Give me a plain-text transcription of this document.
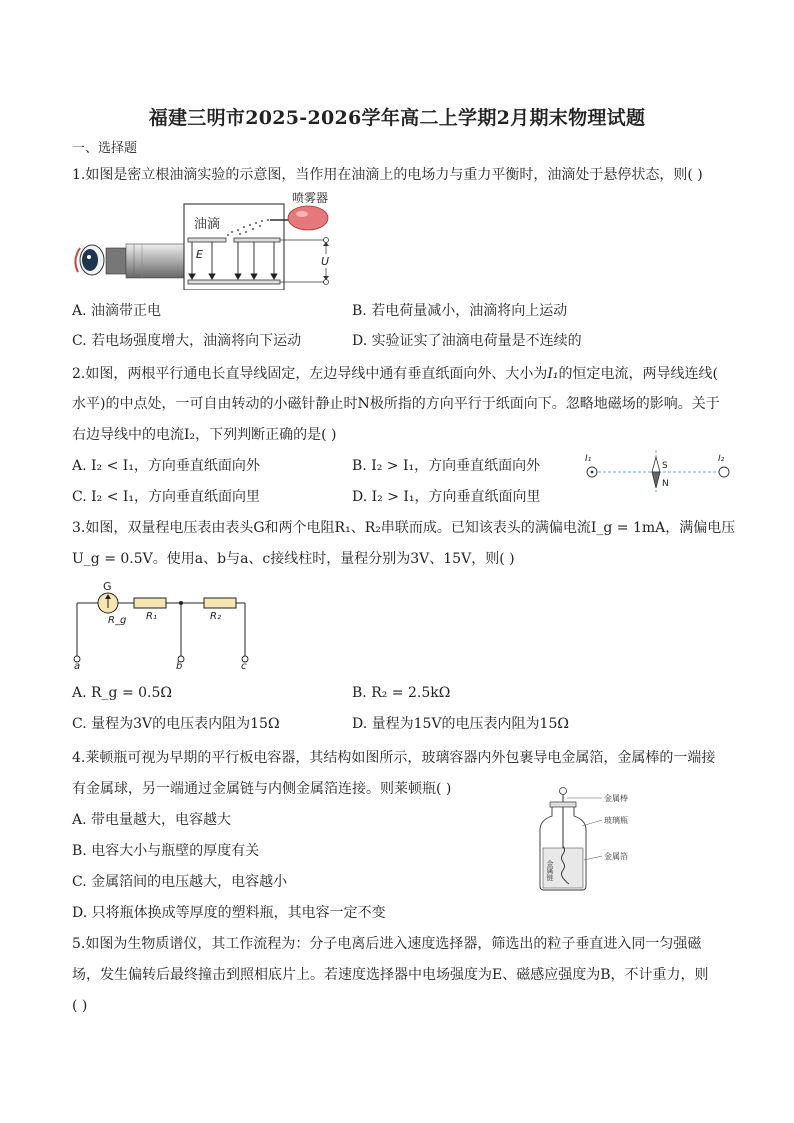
福建三明市2025-2026学年高二上学期2月期末物理试题
一、选择题
1.如图是密立根油滴实验的示意图，当作用在油滴上的电场力与重力平衡时，油滴处于悬停状态，则( )
E
油滴
喷雾器
U
A. 油滴带正电	B. 若电荷量减小，油滴将向上运动
C. 若电场强度增大，油滴将向下运动	D. 实验证实了油滴电荷量是不连续的
2.如图，两根平行通电长直导线固定，左边导线中通有垂直纸面向外、大小为I₁的恒定电流，两导线连线(
水平)的中点处，一可自由转动的小磁针静止时N极所指的方向平行于纸面向下。忽略地磁场的影响。关于
右边导线中的电流I₂，下列判断正确的是( )
A. I₂ < I₁，方向垂直纸面向外	B. I₂ > I₁，方向垂直纸面向外
C. I₂ < I₁，方向垂直纸面向里	D. I₂ > I₁，方向垂直纸面向里
I₁	I₂
S
N
3.如图，双量程电压表由表头G和两个电阻R₁、R₂串联而成。已知该表头的满偏电流I_g = 1mA，满偏电压
U_g = 0.5V。使用a、b与a、c接线柱时，量程分别为3V、15V，则( )
G
R_g R₁	R₂
a	b	c
A. R_g = 0.5Ω	B. R₂ = 2.5kΩ
C. 量程为3V的电压表内阻为15Ω	D. 量程为15V的电压表内阻为15Ω
4.莱顿瓶可视为早期的平行板电容器，其结构如图所示，玻璃容器内外包裹导电金属箔，金属棒的一端接
有金属球，另一端通过金属链与内侧金属箔连接。则莱顿瓶( )
A. 带电量越大，电容越大
B. 电容大小与瓶壁的厚度有关
C. 金属箔间的电压越大，电容越小
D. 只将瓶体换成等厚度的塑料瓶，其电容一定不变
金属链
金属棒
玻璃瓶
金属箔
5.如图为生物质谱仪，其工作流程为：分子电离后进入速度选择器，筛选出的粒子垂直进入同一匀强磁
场，发生偏转后最终撞击到照相底片上。若速度选择器中电场强度为E、磁感应强度为B，不计重力，则
( )
